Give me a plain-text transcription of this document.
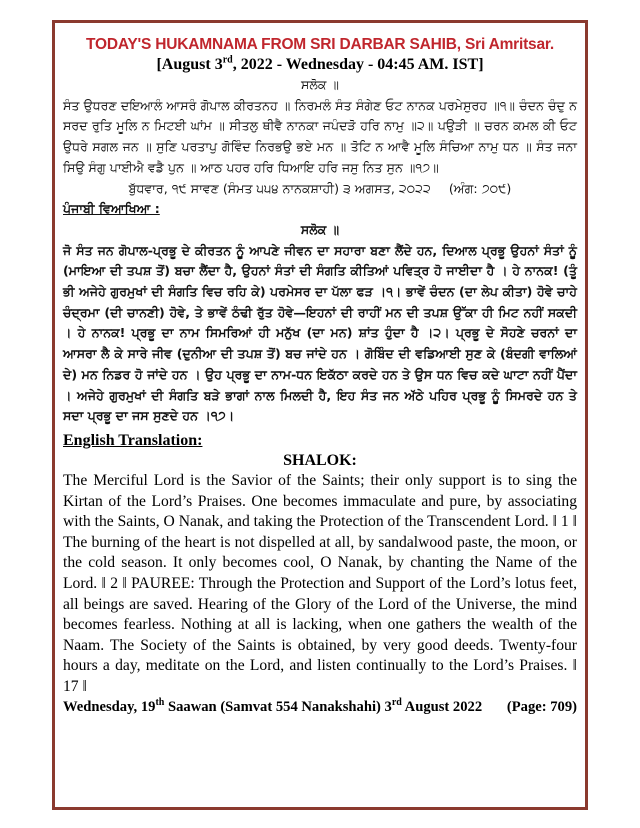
TODAY'S HUKAMNAMA FROM SRI DARBAR SAHIB, Sri Amritsar.
[August 3rd, 2022 - Wednesday - 04:45 AM. IST]
ਸਲੋਕ ॥
ਸੰਤ ਉਧਰਣ ਦਇਆਲੰ ਆਸਰੰ ਗੋਪਾਲ ਕੀਰਤਨਹ ॥ ਨਿਰਮਲੰ ਸੰਤ ਸੰਗੇਣ ਓਟ ਨਾਨਕ ਪਰਮੇਸੁਰਹ ॥੧॥ ਚੰਦਨ ਚੰਦੁ ਨ ਸਰਦ ਰੁਤਿ ਮੂਲਿ ਨ ਮਿਟਈ ਘਾਂਮ ॥ ਸੀਤਲੁ ਥੀਵੈ ਨਾਨਕਾ ਜਪੰਦੜੋ ਹਰਿ ਨਾਮੁ ॥੨॥ ਪਉੜੀ ॥ ਚਰਨ ਕਮਲ ਕੀ ਓਟ ਉਧਰੇ ਸਗਲ ਜਨ ॥ ਸੁਣਿ ਪਰਤਾਪੁ ਗੋਵਿੰਦ ਨਿਰਭਉ ਭਏ ਮਨ ॥ ਤੋਟਿ ਨ ਆਵੈ ਮੂਲਿ ਸੰਚਿਆ ਨਾਮੁ ਧਨ ॥ ਸੰਤ ਜਨਾ ਸਿਉ ਸੰਗੁ ਪਾਈਐ ਵਡੈ ਪੁਨ ॥ ਆਠ ਪਹਰ ਹਰਿ ਧਿਆਇ ਹਰਿ ਜਸੁ ਨਿਤ ਸੁਨ ॥੧੭॥
ਬੁੱਧਵਾਰ, ੧੯ ਸਾਵਣ (ਸੰਮਤ ੫੫੪ ਨਾਨਕਸ਼ਾਹੀ) ੩ ਅਗਸਤ, ੨੦੨੨ (ਅੰਗ: ੭੦੯)
ਪੰਜਾਬੀ ਵਿਆਖਿਆ :
ਸਲੋਕ ॥
ਜੋ ਸੰਤ ਜਨ ਗੋਪਾਲ-ਪ੍ਰਭੂ ਦੇ ਕੀਰਤਨ ਨੂੰ ਆਪਣੇ ਜੀਵਨ ਦਾ ਸਹਾਰਾ ਬਣਾ ਲੈਂਦੇ ਹਨ, ਦਿਆਲ ਪ੍ਰਭੂ ਉਹਨਾਂ ਸੰਤਾਂ ਨੂੰ (ਮਾਇਆ ਦੀ ਤਪਸ਼ ਤੋਂ) ਬਚਾ ਲੈਂਦਾ ਹੈ, ਉਹਨਾਂ ਸੰਤਾਂ ਦੀ ਸੰਗਤਿ ਕੀਤਿਆਂ ਪਵਿਤ੍ਰ ਹੋ ਜਾਈਦਾ ਹੈ । ਹੇ ਨਾਨਕ! (ਤੂੰ ਭੀ ਅਜੇਹੇ ਗੁਰਮੁਖਾਂ ਦੀ ਸੰਗਤਿ ਵਿਚ ਰਹਿ ਕੇ) ਪਰਮੇਸਰ ਦਾ ਪੱਲਾ ਫੜ ।੧। ਭਾਵੇਂ ਚੰਦਨ (ਦਾ ਲੇਪ ਕੀਤਾ) ਹੋਵੇ ਚਾਹੇ ਚੰਦ੍ਰਮਾ (ਦੀ ਚਾਨਣੀ) ਹੋਵੇ, ਤੇ ਭਾਵੇਂ ਠੰਢੀ ਰੁੱਤ ਹੋਵੇ—ਇਹਨਾਂ ਦੀ ਰਾਹੀਂ ਮਨ ਦੀ ਤਪਸ਼ ਉੱਕਾ ਹੀ ਮਿਟ ਨਹੀਂ ਸਕਦੀ । ਹੇ ਨਾਨਕ! ਪ੍ਰਭੂ ਦਾ ਨਾਮ ਸਿਮਰਿਆਂ ਹੀ ਮਨੁੱਖ (ਦਾ ਮਨ) ਸ਼ਾਂਤ ਹੁੰਦਾ ਹੈ ।੨। ਪ੍ਰਭੂ ਦੇ ਸੋਹਣੇ ਚਰਨਾਂ ਦਾ ਆਸਰਾ ਲੈ ਕੇ ਸਾਰੇ ਜੀਵ (ਦੁਨੀਆ ਦੀ ਤਪਸ਼ ਤੋਂ) ਬਚ ਜਾਂਦੇ ਹਨ । ਗੋਬਿੰਦ ਦੀ ਵਡਿਆਈ ਸੁਣ ਕੇ (ਬੰਦਗੀ ਵਾਲਿਆਂ ਦੇ) ਮਨ ਨਿਡਰ ਹੋ ਜਾਂਦੇ ਹਨ । ਉਹ ਪ੍ਰਭੂ ਦਾ ਨਾਮ-ਧਨ ਇਕੱਠਾ ਕਰਦੇ ਹਨ ਤੇ ਉਸ ਧਨ ਵਿਚ ਕਦੇ ਘਾਟਾ ਨਹੀਂ ਪੈਂਦਾ । ਅਜੇਹੇ ਗੁਰਮੁਖਾਂ ਦੀ ਸੰਗਤਿ ਬੜੇ ਭਾਗਾਂ ਨਾਲ ਮਿਲਦੀ ਹੈ, ਇਹ ਸੰਤ ਜਨ ਅੱਠੇ ਪਹਿਰ ਪ੍ਰਭੂ ਨੂੰ ਸਿਮਰਦੇ ਹਨ ਤੇ ਸਦਾ ਪ੍ਰਭੂ ਦਾ ਜਸ ਸੁਣਦੇ ਹਨ ।੧੭।
English Translation:
SHALOK:
The Merciful Lord is the Savior of the Saints; their only support is to sing the Kirtan of the Lord’s Praises. One becomes immaculate and pure, by associating with the Saints, O Nanak, and taking the Protection of the Transcendent Lord. ‖ 1 ‖ The burning of the heart is not dispelled at all, by sandalwood paste, the moon, or the cold season. It only becomes cool, O Nanak, by chanting the Name of the Lord. ‖ 2 ‖ PAUREE: Through the Protection and Support of the Lord’s lotus feet, all beings are saved. Hearing of the Glory of the Lord of the Universe, the mind becomes fearless. Nothing at all is lacking, when one gathers the wealth of the Naam. The Society of the Saints is obtained, by very good deeds. Twenty-four hours a day, meditate on the Lord, and listen continually to the Lord’s Praises. ‖ 17 ‖
Wednesday, 19th Saawan (Samvat 554 Nanakshahi) 3rd August 2022 (Page: 709)
